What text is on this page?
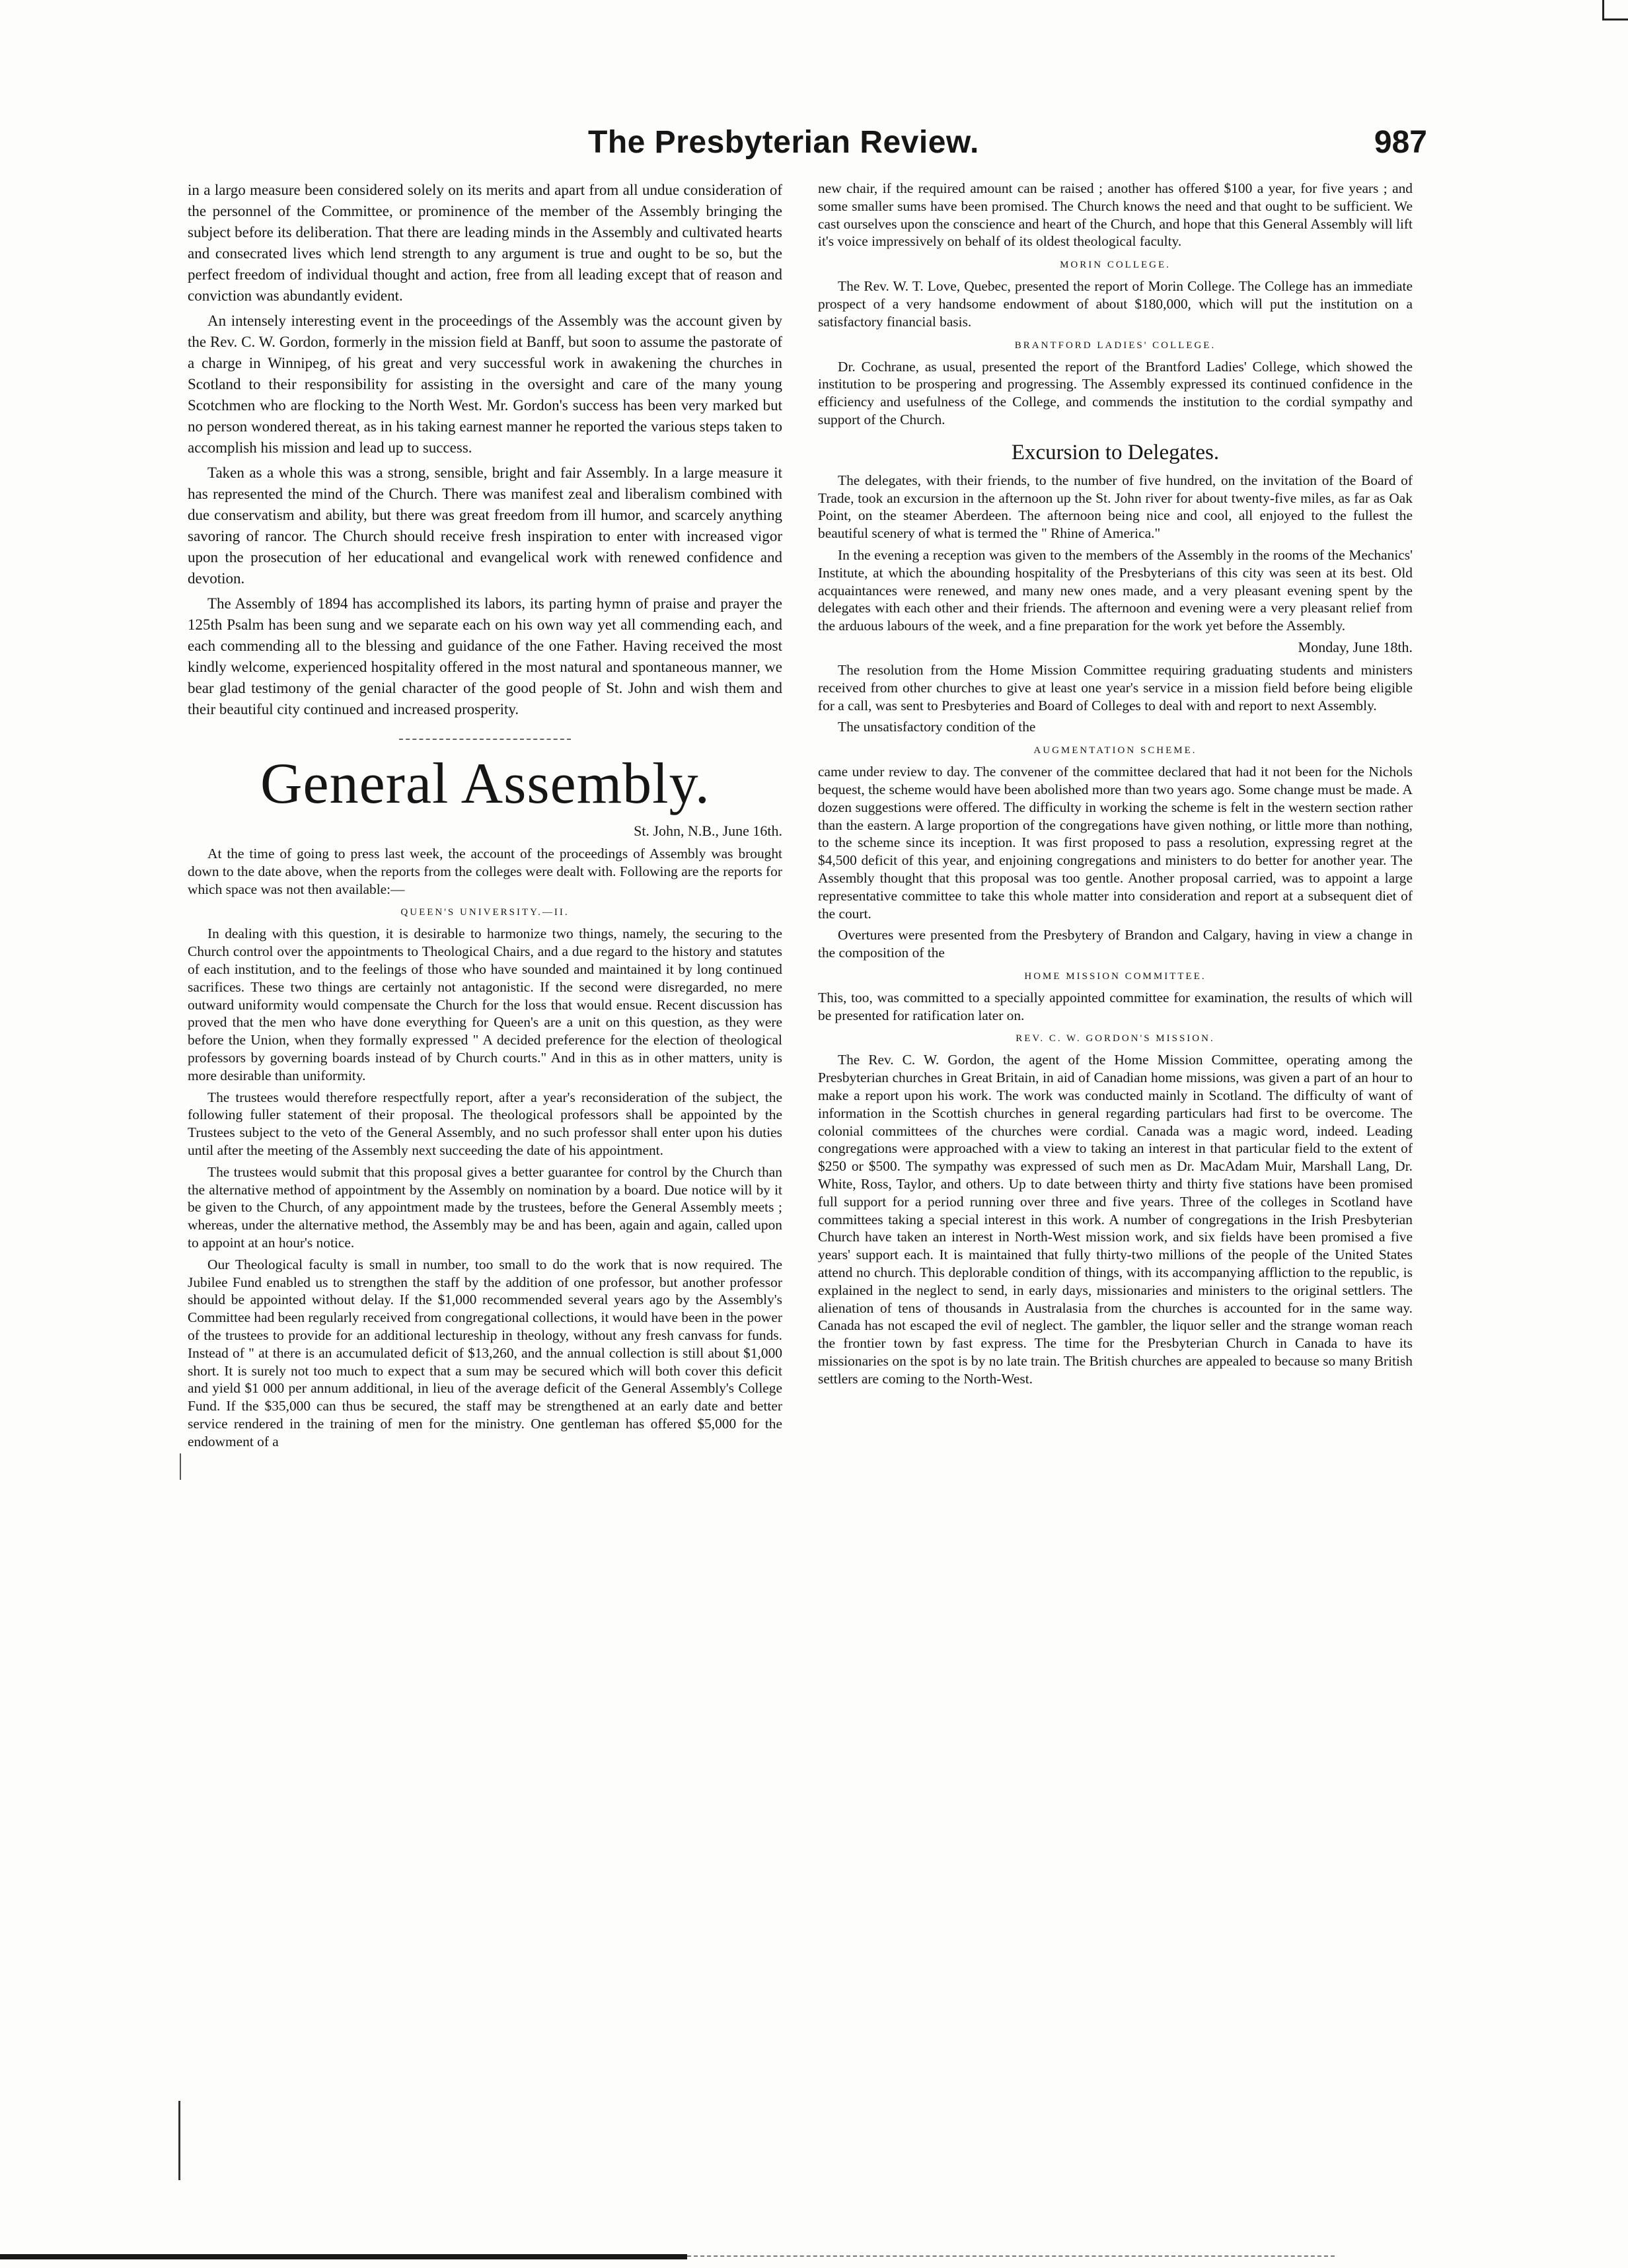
The Presbyterian Review.	987

in a largo measure been considered solely on its merits and apart from all undue consideration of the personnel of the Committee, or prominence of the member of the Assembly bringing the subject before its deliberation. That there are leading minds in the Assembly and cultivated hearts and consecrated lives which lend strength to any argument is true and ought to be so, but the perfect freedom of individual thought and action, free from all leading except that of reason and conviction was abundantly evident.

An intensely interesting event in the proceedings of the Assembly was the account given by the Rev. C. W. Gordon, formerly in the mission field at Banff, but soon to assume the pastorate of a charge in Winnipeg, of his great and very successful work in awakening the churches in Scotland to their responsibility for assisting in the oversight and care of the many young Scotchmen who are flocking to the North West. Mr. Gordon's success has been very marked but no person wondered thereat, as in his taking earnest manner he reported the various steps taken to accomplish his mission and lead up to success.

Taken as a whole this was a strong, sensible, bright and fair Assembly. In a large measure it has represented the mind of the Church. There was manifest zeal and liberalism combined with due conservatism and ability, but there was great freedom from ill humor, and scarcely anything savoring of rancor. The Church should receive fresh inspiration to enter with increased vigor upon the prosecution of her educational and evangelical work with renewed confidence and devotion.

The Assembly of 1894 has accomplished its labors, its parting hymn of praise and prayer the 125th Psalm has been sung and we separate each on his own way yet all commending each, and each commending all to the blessing and guidance of the one Father. Having received the most kindly welcome, experienced hospitality offered in the most natural and spontaneous manner, we bear glad testimony of the genial character of the good people of St. John and wish them and their beautiful city continued and increased prosperity.

General Assembly.
St. John, N.B., June 16th.

At the time of going to press last week, the account of the proceedings of Assembly was brought down to the date above, when the reports from the colleges were dealt with. Following are the reports for which space was not then available:—

QUEEN'S UNIVERSITY.—II.

In dealing with this question, it is desirable to harmonize two things, namely, the securing to the Church control over the appointments to Theological Chairs, and a due regard to the history and statutes of each institution, and to the feelings of those who have sounded and maintained it by long continued sacrifices. These two things are certainly not antagonistic. If the second were disregarded, no mere outward uniformity would compensate the Church for the loss that would ensue. Recent discussion has proved that the men who have done everything for Queen's are a unit on this question, as they were before the Union, when they formally expressed " A decided preference for the election of theological professors by governing boards instead of by Church courts." And in this as in other matters, unity is more desirable than uniformity.

The trustees would therefore respectfully report, after a year's reconsideration of the subject, the following fuller statement of their proposal. The theological professors shall be appointed by the Trustees subject to the veto of the General Assembly, and no such professor shall enter upon his duties until after the meeting of the Assembly next succeeding the date of his appointment.

The trustees would submit that this proposal gives a better guarantee for control by the Church than the alternative method of appointment by the Assembly on nomination by a board. Due notice will by it be given to the Church, of any appointment made by the trustees, before the General Assembly meets ; whereas, under the alternative method, the Assembly may be and has been, again and again, called upon to appoint at an hour's notice.

Our Theological faculty is small in number, too small to do the work that is now required. The Jubilee Fund enabled us to strengthen the staff by the addition of one professor, but another professor should be appointed without delay. If the $1,000 recommended several years ago by the Assembly's Committee had been regularly received from congregational collections, it would have been in the power of the trustees to provide for an additional lectureship in theology, without any fresh canvass for funds. Instead of " at there is an accumulated deficit of $13,260, and the annual collection is still about $1,000 short. It is surely not too much to expect that a sum may be secured which will both cover this deficit and yield $1 000 per annum additional, in lieu of the average deficit of the General Assembly's College Fund. If the $35,000 can thus be secured, the staff may be strengthened at an early date and better service rendered in the training of men for the ministry. One gentleman has offered $5,000 for the endowment of a

new chair, if the required amount can be raised ; another has offered $100 a year, for five years ; and some smaller sums have been promised. The Church knows the need and that ought to be sufficient. We cast ourselves upon the conscience and heart of the Church, and hope that this General Assembly will lift it's voice impressively on behalf of its oldest theological faculty.

MORIN COLLEGE.

The Rev. W. T. Love, Quebec, presented the report of Morin College. The College has an immediate prospect of a very handsome endowment of about $180,000, which will put the institution on a satisfactory financial basis.

BRANTFORD LADIES' COLLEGE.

Dr. Cochrane, as usual, presented the report of the Brantford Ladies' College, which showed the institution to be prospering and progressing. The Assembly expressed its continued confidence in the efficiency and usefulness of the College, and commends the institution to the cordial sympathy and support of the Church.

Excursion to Delegates.

The delegates, with their friends, to the number of five hundred, on the invitation of the Board of Trade, took an excursion in the afternoon up the St. John river for about twenty-five miles, as far as Oak Point, on the steamer Aberdeen. The afternoon being nice and cool, all enjoyed to the fullest the beautiful scenery of what is termed the " Rhine of America."

In the evening a reception was given to the members of the Assembly in the rooms of the Mechanics' Institute, at which the abounding hospitality of the Presbyterians of this city was seen at its best. Old acquaintances were renewed, and many new ones made, and a very pleasant evening spent by the delegates with each other and their friends. The afternoon and evening were a very pleasant relief from the arduous labours of the week, and a fine preparation for the work yet before the Assembly.

Monday, June 18th.

The resolution from the Home Mission Committee requiring graduating students and ministers received from other churches to give at least one year's service in a mission field before being eligible for a call, was sent to Presbyteries and Board of Colleges to deal with and report to next Assembly.

The unsatisfactory condition of the

AUGMENTATION SCHEME.

came under review to day. The convener of the committee declared that had it not been for the Nichols bequest, the scheme would have been abolished more than two years ago. Some change must be made. A dozen suggestions were offered. The difficulty in working the scheme is felt in the western section rather than the eastern. A large proportion of the congregations have given nothing, or little more than nothing, to the scheme since its inception. It was first proposed to pass a resolution, expressing regret at the $4,500 deficit of this year, and enjoining congregations and ministers to do better for another year. The Assembly thought that this proposal was too gentle. Another proposal carried, was to appoint a large representative committee to take this whole matter into consideration and report at a subsequent diet of the court.

Overtures were presented from the Presbytery of Brandon and Calgary, having in view a change in the composition of the

HOME MISSION COMMITTEE.

This, too, was committed to a specially appointed committee for examination, the results of which will be presented for ratification later on.

REV. C. W. GORDON'S MISSION.

The Rev. C. W. Gordon, the agent of the Home Mission Committee, operating among the Presbyterian churches in Great Britain, in aid of Canadian home missions, was given a part of an hour to make a report upon his work. The work was conducted mainly in Scotland. The difficulty of want of information in the Scottish churches in general regarding particulars had first to be overcome. The colonial committees of the churches were cordial. Canada was a magic word, indeed. Leading congregations were approached with a view to taking an interest in that particular field to the extent of $250 or $500. The sympathy was expressed of such men as Dr. MacAdam Muir, Marshall Lang, Dr. White, Ross, Taylor, and others. Up to date between thirty and thirty five stations have been promised full support for a period running over three and five years. Three of the colleges in Scotland have committees taking a special interest in this work. A number of congregations in the Irish Presbyterian Church have taken an interest in North-West mission work, and six fields have been promised a five years' support each. It is maintained that fully thirty-two millions of the people of the United States attend no church. This deplorable condition of things, with its accompanying affliction to the republic, is explained in the neglect to send, in early days, missionaries and ministers to the original settlers. The alienation of tens of thousands in Australasia from the churches is accounted for in the same way. Canada has not escaped the evil of neglect. The gambler, the liquor seller and the strange woman reach the frontier town by fast express. The time for the Presbyterian Church in Canada to have its missionaries on the spot is by no late train. The British churches are appealed to because so many British settlers are coming to the North-West.
